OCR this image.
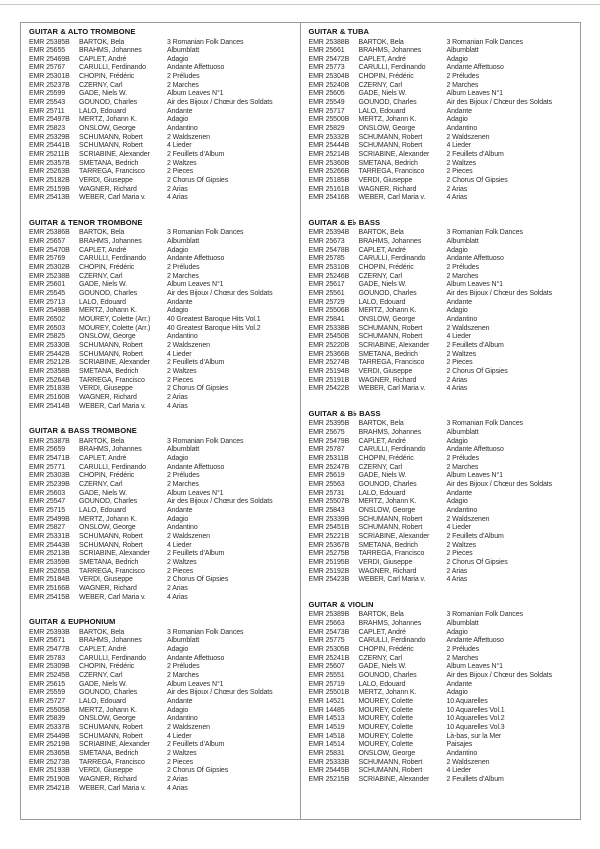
GUITAR & ALTO TROMBONE
EMR 25385B	BARTOK, Bela	3 Romanian Folk Dances
EMR 25655	BRAHMS, Johannes	Albumblatt
EMR 25469B	CAPLET, André	Adagio
EMR 25767	CARULLI, Ferdinando	Andante Affettuoso
EMR 25301B	CHOPIN, Frédéric	2 Préludes
EMR 25237B	CZERNY, Carl	2 Marches
EMR 25599	GADE, Niels W.	Album Leaves N°1
EMR 25543	GOUNOD, Charles	Air des Bijoux / Chœur des Soldats
EMR 25711	LALO, Edouard	Andante
EMR 25497B	MERTZ, Johann K.	Adagio
EMR 25823	ONSLOW, George	Andantino
EMR 25329B	SCHUMANN, Robert	2 Waldszenen
EMR 25441B	SCHUMANN, Robert	4 Lieder
EMR 25211B	SCRIABINE, Alexander	2 Feuillets d’Album
EMR 25357B	SMETANA, Bedrich	2 Waltzes
EMR 25263B	TARREGA, Francisco	2 Pieces
EMR 25182B	VERDI, Giuseppe	2 Chorus Of Gipsies
EMR 25159B	WAGNER, Richard	2 Arias
EMR 25413B	WEBER, Carl Maria v.	4 Arias
GUITAR & TENOR TROMBONE
EMR 25386B	BARTOK, Bela	3 Romanian Folk Dances
EMR 25657	BRAHMS, Johannes	Albumblatt
EMR 25470B	CAPLET, André	Adagio
EMR 25769	CARULLI, Ferdinando	Andante Affettuoso
EMR 25302B	CHOPIN, Frédéric	2 Préludes
EMR 25238B	CZERNY, Carl	2 Marches
EMR 25601	GADE, Niels W.	Album Leaves N°1
EMR 25545	GOUNOD, Charles	Air des Bijoux / Chœur des Soldats
EMR 25713	LALO, Edouard	Andante
EMR 25498B	MERTZ, Johann K.	Adagio
EMR 26502	MOUREY, Colette (Arr.)	40 Greatest Baroque Hits Vol.1
EMR 26503	MOUREY, Colette (Arr.)	40 Greatest Baroque Hits Vol.2
EMR 25825	ONSLOW, George	Andantino
EMR 25330B	SCHUMANN, Robert	2 Waldszenen
EMR 25442B	SCHUMANN, Robert	4 Lieder
EMR 25212B	SCRIABINE, Alexander	2 Feuillets d’Album
EMR 25358B	SMETANA, Bedrich	2 Waltzes
EMR 25264B	TARREGA, Francisco	2 Pieces
EMR 25183B	VERDI, Giuseppe	2 Chorus Of Gipsies
EMR 25160B	WAGNER, Richard	2 Arias
EMR 25414B	WEBER, Carl Maria v.	4 Arias
GUITAR & BASS TROMBONE
EMR 25387B	BARTOK, Bela	3 Romanian Folk Dances
EMR 25659	BRAHMS, Johannes	Albumblatt
EMR 25471B	CAPLET, André	Adagio
EMR 25771	CARULLI, Ferdinando	Andante Affettuoso
EMR 25303B	CHOPIN, Frédéric	2 Préludes
EMR 25239B	CZERNY, Carl	2 Marches
EMR 25603	GADE, Niels W.	Album Leaves N°1
EMR 25547	GOUNOD, Charles	Air des Bijoux / Chœur des Soldats
EMR 25715	LALO, Edouard	Andante
EMR 25499B	MERTZ, Johann K.	Adagio
EMR 25827	ONSLOW, George	Andantino
EMR 25331B	SCHUMANN, Robert	2 Waldszenen
EMR 25443B	SCHUMANN, Robert	4 Lieder
EMR 25213B	SCRIABINE, Alexander	2 Feuillets d’Album
EMR 25359B	SMETANA, Bedrich	2 Waltzes
EMR 25265B	TARREGA, Francisco	2 Pieces
EMR 25184B	VERDI, Giuseppe	2 Chorus Of Gipsies
EMR 25166B	WAGNER, Richard	2 Arias
EMR 25415B	WEBER, Carl Maria v.	4 Arias
GUITAR & EUPHONIUM
EMR 25393B	BARTOK, Bela	3 Romanian Folk Dances
EMR 25671	BRAHMS, Johannes	Albumblatt
EMR 25477B	CAPLET, André	Adagio
EMR 25783	CARULLI, Ferdinando	Andante Affettuoso
EMR 25309B	CHOPIN, Frédéric	2 Préludes
EMR 25245B	CZERNY, Carl	2 Marches
EMR 25615	GADE, Niels W.	Album Leaves N°1
EMR 25559	GOUNOD, Charles	Air des Bijoux / Chœur des Soldats
EMR 25727	LALO, Edouard	Andante
EMR 25505B	MERTZ, Johann K.	Adagio
EMR 25839	ONSLOW, George	Andantino
EMR 25337B	SCHUMANN, Robert	2 Waldszenen
EMR 25449B	SCHUMANN, Robert	4 Lieder
EMR 25219B	SCRIABINE, Alexander	2 Feuillets d’Album
EMR 25365B	SMETANA, Bedrich	2 Waltzes
EMR 25273B	TARREGA, Francisco	2 Pieces
EMR 25193B	VERDI, Giuseppe	2 Chorus Of Gipsies
EMR 25190B	WAGNER, Richard	2 Arias
EMR 25421B	WEBER, Carl Maria v.	4 Arias
GUITAR & TUBA
EMR 25388B	BARTOK, Bela	3 Romanian Folk Dances
EMR 25661	BRAHMS, Johannes	Albumblatt
EMR 25472B	CAPLET, André	Adagio
EMR 25773	CARULLI, Ferdinando	Andante Affettuoso
EMR 25304B	CHOPIN, Frédéric	2 Préludes
EMR 25240B	CZERNY, Carl	2 Marches
EMR 25605	GADE, Niels W.	Album Leaves N°1
EMR 25549	GOUNOD, Charles	Air des Bijoux / Chœur des Soldats
EMR 25717	LALO, Edouard	Andante
EMR 25500B	MERTZ, Johann K.	Adagio
EMR 25829	ONSLOW, George	Andantino
EMR 25332B	SCHUMANN, Robert	2 Waldszenen
EMR 25444B	SCHUMANN, Robert	4 Lieder
EMR 25214B	SCRIABINE, Alexander	2 Feuillets d’Album
EMR 25360B	SMETANA, Bedrich	2 Waltzes
EMR 25266B	TARREGA, Francisco	2 Pieces
EMR 25185B	VERDI, Giuseppe	2 Chorus Of Gipsies
EMR 25161B	WAGNER, Richard	2 Arias
EMR 25416B	WEBER, Carl Maria v.	4 Arias
GUITAR & E♭ BASS
EMR 25394B	BARTOK, Bela	3 Romanian Folk Dances
EMR 25673	BRAHMS, Johannes	Albumblatt
EMR 25478B	CAPLET, André	Adagio
EMR 25785	CARULLI, Ferdinando	Andante Affettuoso
EMR 25310B	CHOPIN, Frédéric	2 Préludes
EMR 25246B	CZERNY, Carl	2 Marches
EMR 25617	GADE, Niels W.	Album Leaves N°1
EMR 25561	GOUNOD, Charles	Air des Bijoux / Chœur des Soldats
EMR 25729	LALO, Edouard	Andante
EMR 25506B	MERTZ, Johann K.	Adagio
EMR 25841	ONSLOW, George	Andantino
EMR 25338B	SCHUMANN, Robert	2 Waldszenen
EMR 25450B	SCHUMANN, Robert	4 Lieder
EMR 25220B	SCRIABINE, Alexander	2 Feuillets d’Album
EMR 25366B	SMETANA, Bedrich	2 Waltzes
EMR 25274B	TARREGA, Francisco	2 Pieces
EMR 25194B	VERDI, Giuseppe	2 Chorus Of Gipsies
EMR 25191B	WAGNER, Richard	2 Arias
EMR 25422B	WEBER, Carl Maria v.	4 Arias
GUITAR & B♭ BASS
EMR 25395B	BARTOK, Bela	3 Romanian Folk Dances
EMR 25675	BRAHMS, Johannes	Albumblatt
EMR 25479B	CAPLET, André	Adagio
EMR 25787	CARULLI, Ferdinando	Andante Affettuoso
EMR 25311B	CHOPIN, Frédéric	2 Préludes
EMR 25247B	CZERNY, Carl	2 Marches
EMR 25619	GADE, Niels W.	Album Leaves N°1
EMR 25563	GOUNOD, Charles	Air des Bijoux / Chœur des Soldats
EMR 25731	LALO, Edouard	Andante
EMR 25507B	MERTZ, Johann K.	Adagio
EMR 25843	ONSLOW, George	Andantino
EMR 25339B	SCHUMANN, Robert	2 Waldszenen
EMR 25451B	SCHUMANN, Robert	4 Lieder
EMR 25221B	SCRIABINE, Alexander	2 Feuillets d’Album
EMR 25367B	SMETANA, Bedrich	2 Waltzes
EMR 25275B	TARREGA, Francisco	2 Pieces
EMR 25195B	VERDI, Giuseppe	2 Chorus Of Gipsies
EMR 25192B	WAGNER, Richard	2 Arias
EMR 25423B	WEBER, Carl Maria v.	4 Arias
GUITAR & VIOLIN
EMR 25389B	BARTOK, Bela	3 Romanian Folk Dances
EMR 25663	BRAHMS, Johannes	Albumblatt
EMR 25473B	CAPLET, André	Adagio
EMR 25775	CARULLI, Ferdinando	Andante Affettuoso
EMR 25305B	CHOPIN, Frédéric	2 Préludes
EMR 25241B	CZERNY, Carl	2 Marches
EMR 25607	GADE, Niels W.	Album Leaves N°1
EMR 25551	GOUNOD, Charles	Air des Bijoux / Chœur des Soldats
EMR 25719	LALO, Edouard	Andante
EMR 25501B	MERTZ, Johann K.	Adagio
EMR 14521	MOUREY, Colette	10 Aquarelles
EMR 14485	MOUREY, Colette	10 Aquarelles Vol.1
EMR 14513	MOUREY, Colette	10 Aquarelles Vol.2
EMR 14519	MOUREY, Colette	10 Aquarelles Vol.3
EMR 14518	MOUREY, Colette	Là-bas, sur la Mer
EMR 14514	MOUREY, Colette	Paisajes
EMR 25831	ONSLOW, George	Andantino
EMR 25333B	SCHUMANN, Robert	2 Waldszenen
EMR 25445B	SCHUMANN, Robert	4 Lieder
EMR 25215B	SCRIABINE, Alexander	2 Feuillets d’Album
